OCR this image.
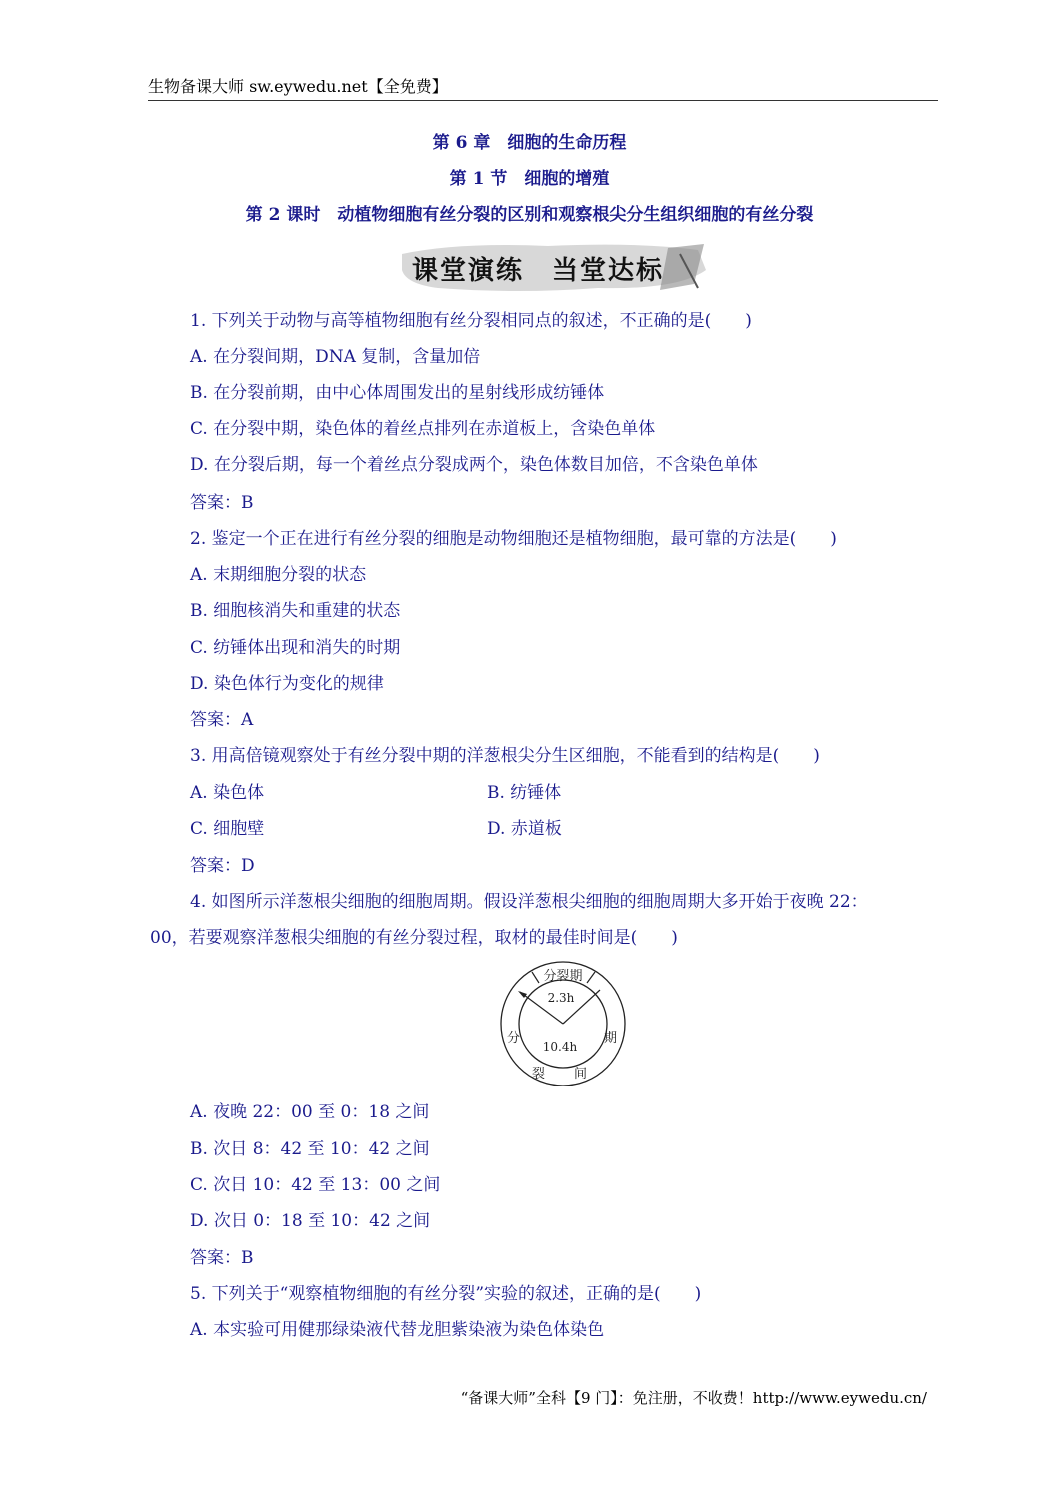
生物备课大师 sw.eywedu.net【全免费】
第 6 章　细胞的生命历程
第 1 节　细胞的增殖
第 2 课时　动植物细胞有丝分裂的区别和观察根尖分生组织细胞的有丝分裂
课堂演练　当堂达标
1. 下列关于动物与高等植物细胞有丝分裂相同点的叙述，不正确的是(　　)
A. 在分裂间期，DNA 复制，含量加倍
B. 在分裂前期，由中心体周围发出的星射线形成纺锤体
C. 在分裂中期，染色体的着丝点排列在赤道板上，含染色单体
D. 在分裂后期，每一个着丝点分裂成两个，染色体数目加倍，不含染色单体
答案：B
2. 鉴定一个正在进行有丝分裂的细胞是动物细胞还是植物细胞，最可靠的方法是(　　)
A. 末期细胞分裂的状态
B. 细胞核消失和重建的状态
C. 纺锤体出现和消失的时期
D. 染色体行为变化的规律
答案：A
3. 用高倍镜观察处于有丝分裂中期的洋葱根尖分生区细胞，不能看到的结构是(　　)
A. 染色体	B. 纺锤体
C. 细胞壁	D. 赤道板
答案：D
4. 如图所示洋葱根尖细胞的细胞周期。假设洋葱根尖细胞的细胞周期大多开始于夜晚 22：
00，若要观察洋葱根尖细胞的有丝分裂过程，取材的最佳时间是(　　)
分裂期
2.3h
10.4h
分
裂 间
期
A. 夜晚 22：00 至 0：18 之间
B. 次日 8：42 至 10：42 之间
C. 次日 10：42 至 13：00 之间
D. 次日 0：18 至 10：42 之间
答案：B
5. 下列关于“观察植物细胞的有丝分裂”实验的叙述，正确的是(　　)
A. 本实验可用健那绿染液代替龙胆紫染液为染色体染色
“备课大师”全科【9 门】：免注册，不收费！http://www.eywedu.cn/
